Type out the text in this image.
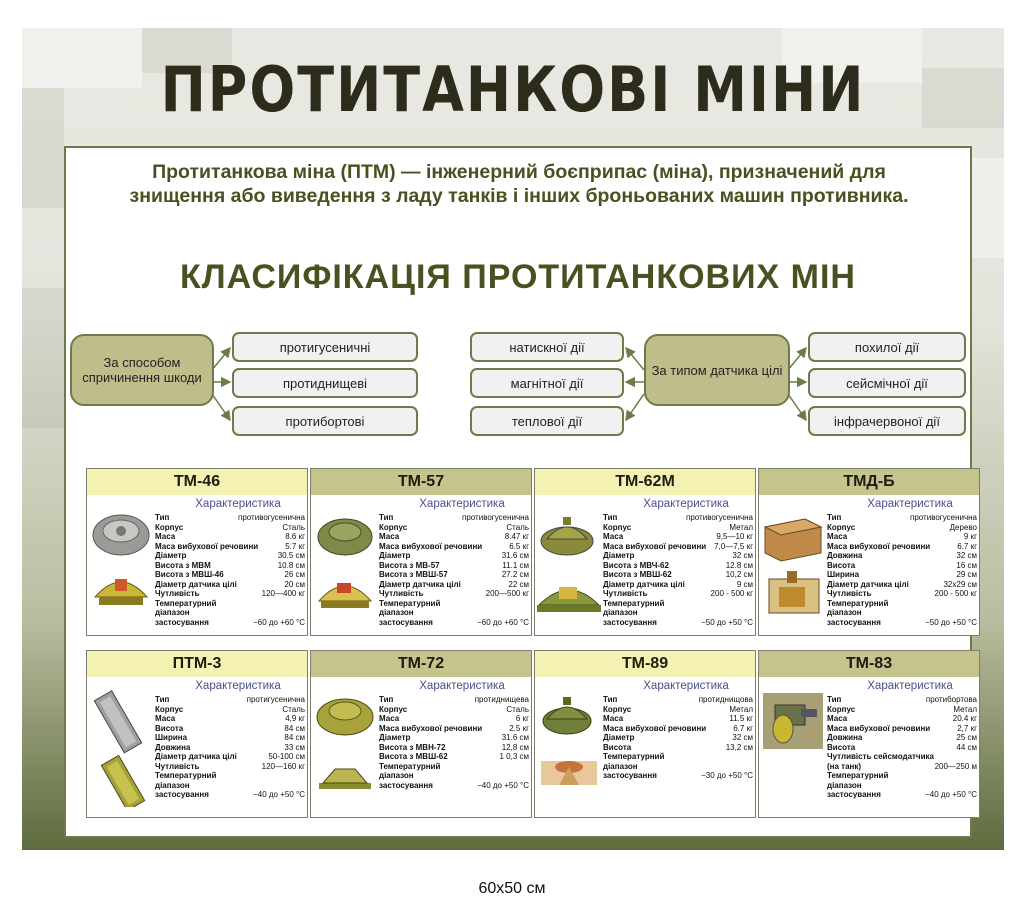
ПРОТИТАНКОВІ МІНИ
Протитанкова міна (ПТМ) — інженерний боєприпас (міна), призначений для знищення або виведення з ладу танків і інших броньованих машин противника.
КЛАСИФІКАЦІЯ ПРОТИТАНКОВИХ МІН
За способом спричинення шкоди
протигусеничні
протиднищеві
протибортові
натискної дії
магнітної дії
теплової дії
За типом датчика цілі
похилої дії
сейсмічної дії
інфрачервоної дії
ТМ-46
Характеристика
Тип	противогусенична
Корпус	Сталь
Маса	8.6 кг
Маса вибухової речовини	5.7 кг
Діаметр	30.5 см
Висота з МВМ	10.8 см
Висота з МВШ-46	26 см
Діаметр датчика цілі	20 см
Чутливість	120—400 кг
Температурний
діапазон
застосування	−60 до +60 °С
ТМ-57
Характеристика
Тип	противогусенична
Корпус	Сталь
Маса	8.47 кг
Маса вибухової речовини	6.5 кг
Діаметр	31.6 см
Висота з МВ-57	11.1 см
Висота з МВШ-57	27.2 см
Діаметр датчика цілі	22 см
Чутливість	200—500 кг
Температурний
діапазон
застосування	−60 до +60 °С
ТМ-62М
Характеристика
Тип	противогусенична
Корпус	Метал
Маса	9,5—10 кг
Маса вибухової речовини 7,0—7,5 кг
Діаметр	32 см
Висота з МВЧ-62	12.8 см
Висота з МВШ-62	10,2 см
Діаметр датчика цілі	9 см
Чутливість	200 - 500 кг
Температурний
діапазон
застосування	−50 до +50 °С
ТМД-Б
Характеристика
Тип	противогусенична
Корпус	Дерево
Маса	9 кг
Маса вибухової речовини	6.7 кг
Довжина	32 см
Висота	16 см
Ширина	29 см
Діаметр датчика цілі	32х29 см
Чутливість	200 - 500 кг
Температурний
діапазон
застосування	−50 до +50 °С
ПТМ-3
Характеристика
Тип	протигусенична
Корпус	Сталь
Маса	4,9 кг
Висота	84 см
Ширина	84 см
Довжина	33 см
Діаметр датчика цілі	50-100 см
Чутливість	120—160 кг
Температурний
діапазон
застосування	−40 до +50 °С
ТМ-72
Характеристика
Тип	протиднищева
Корпус	Сталь
Маса	6 кг
Маса вибухової речовини	2.5 кг
Діаметр	31.6 см
Висота з МВН-72	12,8 см
Висота з МВШ-62	1 0,3 см
Температурний
діапазон
застосування	−40 до +50 °С
ТМ-89
Характеристика
Тип	протиднищова
Корпус	Метал
Маса	11.5 кг
Маса вибухової речовини	6.7 кг
Діаметр	32 см
Висота	13,2 см
Температурний
діапазон
застосування	−30 до +50 °С
ТМ-83
Характеристика
Тип	протибортова
Корпус	Метал
Маса	20.4 кг
Маса вибухової речовини	2,7 кг
Довжина	25 см
Висота	44 см
Чутливість сейсмодатчика
(на танк)	200—250 м
Температурний
діапазон
застосування	−40 до +50 °С
60x50 см
